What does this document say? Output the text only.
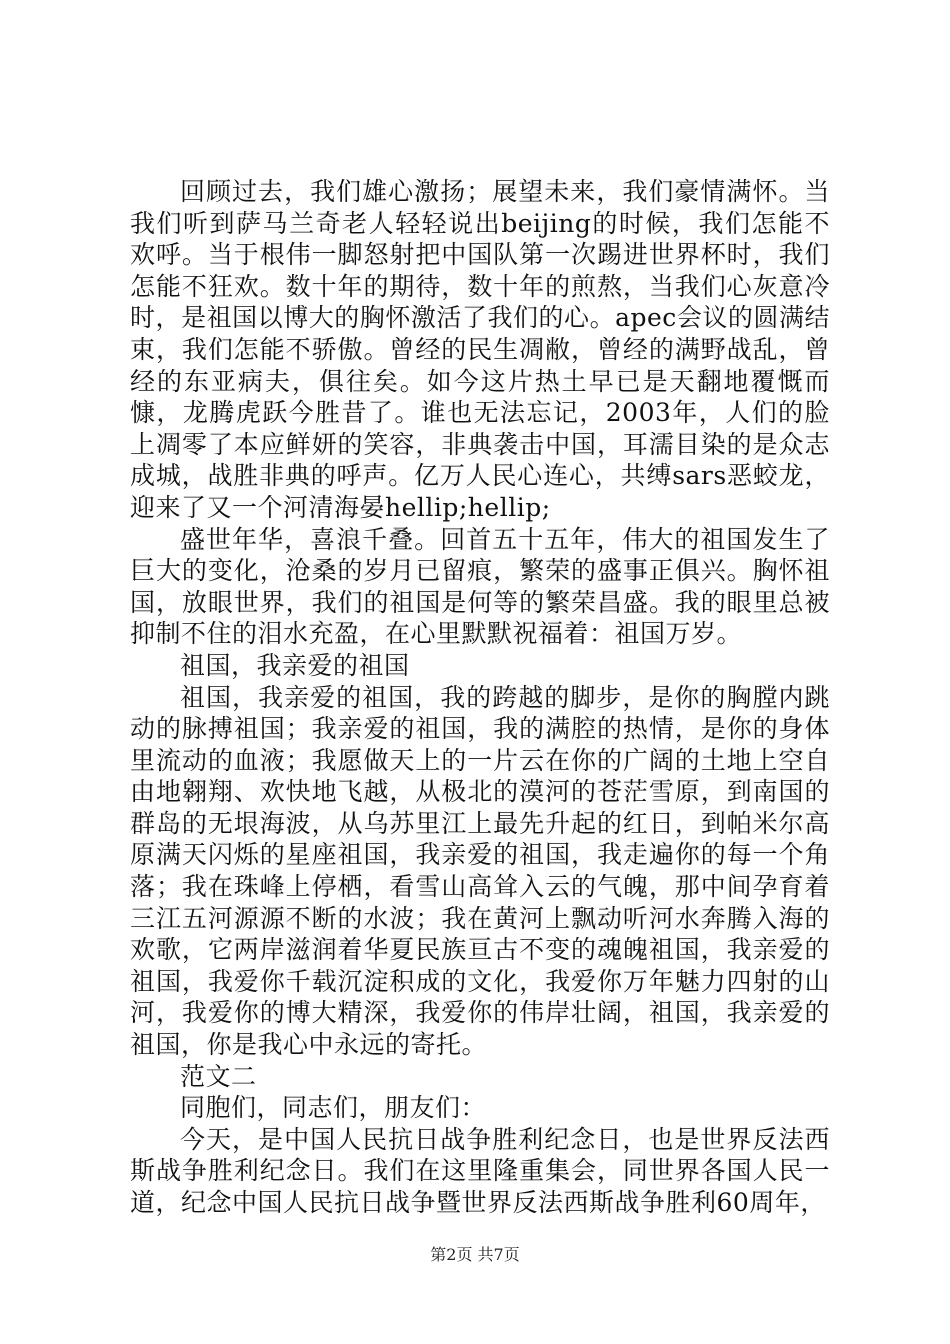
回顾过去，我们雄心激扬；展望未来，我们豪情满怀。当我们听到萨马兰奇老人轻轻说出beijing的时候，我们怎能不欢呼。当于根伟一脚怒射把中国队第一次踢进世界杯时，我们怎能不狂欢。数十年的期待，数十年的煎熬，当我们心灰意冷时，是祖国以博大的胸怀激活了我们的心。apec会议的圆满结束，我们怎能不骄傲。曾经的民生凋敝，曾经的满野战乱，曾经的东亚病夫，俱往矣。如今这片热土早已是天翻地覆慨而慷，龙腾虎跃今胜昔了。谁也无法忘记，2003年，人们的脸上凋零了本应鲜妍的笑容，非典袭击中国，耳濡目染的是众志成城，战胜非典的呼声。亿万人民心连心，共缚sars恶蛟龙，迎来了又一个河清海晏hellip;hellip;

盛世年华，喜浪千叠。回首五十五年，伟大的祖国发生了巨大的变化，沧桑的岁月已留痕，繁荣的盛事正俱兴。胸怀祖国，放眼世界，我们的祖国是何等的繁荣昌盛。我的眼里总被抑制不住的泪水充盈，在心里默默祝福着：祖国万岁。

祖国，我亲爱的祖国

祖国，我亲爱的祖国，我的跨越的脚步，是你的胸膛内跳动的脉搏祖国；我亲爱的祖国，我的满腔的热情，是你的身体里流动的血液；我愿做天上的一片云在你的广阔的土地上空自由地翱翔、欢快地飞越，从极北的漠河的苍茫雪原，到南国的群岛的无垠海波，从乌苏里江上最先升起的红日，到帕米尔高原满天闪烁的星座祖国，我亲爱的祖国，我走遍你的每一个角落；我在珠峰上停栖，看雪山高耸入云的气魄，那中间孕育着三江五河源源不断的水波；我在黄河上飘动听河水奔腾入海的欢歌，它两岸滋润着华夏民族亘古不变的魂魄祖国，我亲爱的祖国，我爱你千载沉淀积成的文化，我爱你万年魅力四射的山河，我爱你的博大精深，我爱你的伟岸壮阔，祖国，我亲爱的祖国，你是我心中永远的寄托。

范文二

同胞们，同志们，朋友们：

今天，是中国人民抗日战争胜利纪念日，也是世界反法西斯战争胜利纪念日。我们在这里隆重集会，同世界各国人民一道，纪念中国人民抗日战争暨世界反法西斯战争胜利60周年，

第2页 共7页
